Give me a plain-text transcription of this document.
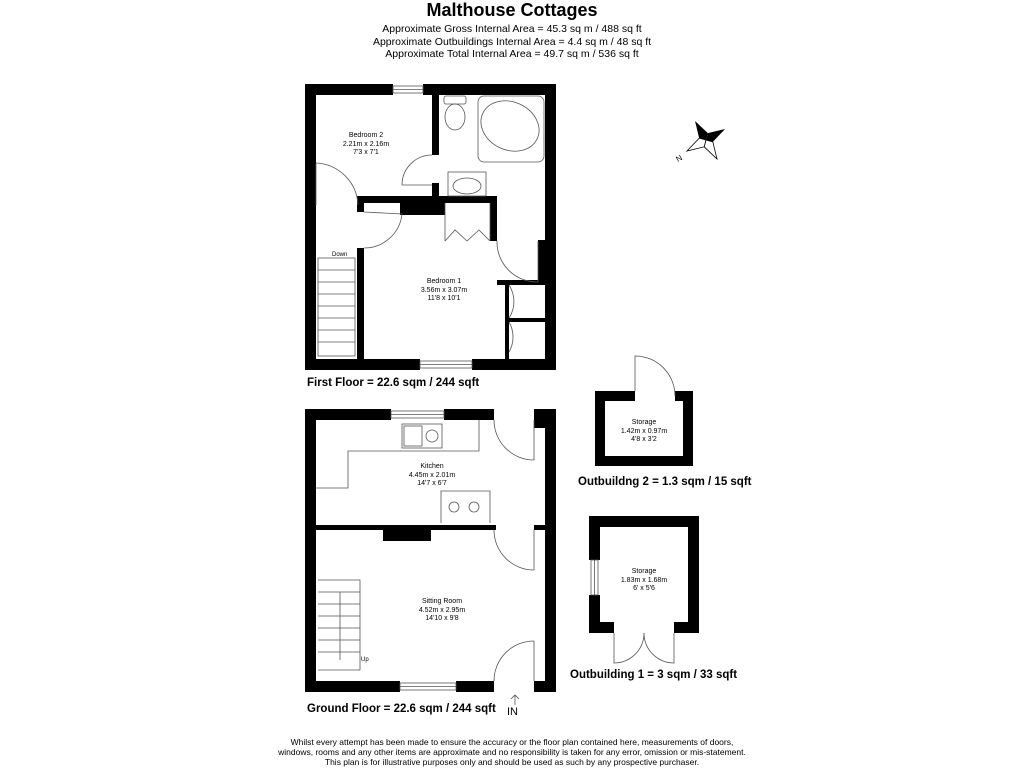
Malthouse Cottages
Approximate Gross Internal Area = 45.3 sq m / 488 sq ft
Approximate Outbuildings Internal Area = 4.4 sq m / 48 sq ft
Approximate Total Internal Area = 49.7 sq m / 536 sq ft
N
Bedroom 2
2.21m x 2.16m
7'3 x 7'1
Bedroom 1
3.56m x 3.07m
11'8 x 10'1
Down
Kitchen
4.45m x 2.01m
14'7 x 6'7
Sitting Room
4.52m x 2.95m
14'10 x 9'8
Up
IN
Storage
1.42m x 0.97m
4'8 x 3'2
Storage
1.83m x 1.68m
6' x 5'6
First Floor = 22.6 sqm / 244 sqft
Ground Floor = 22.6 sqm / 244 sqft
Outbuildng 2 = 1.3 sqm / 15 sqft
Outbuilding 1 = 3 sqm / 33 sqft
Whilst every attempt has been made to ensure the accuracy or the floor plan contained here, measurements of doors,
windows, rooms and any other items are approximate and no responsibility is taken for any error, omission or mis-statement.
This plan is for illustrative purposes only and should be used as such by any prospective purchaser.
